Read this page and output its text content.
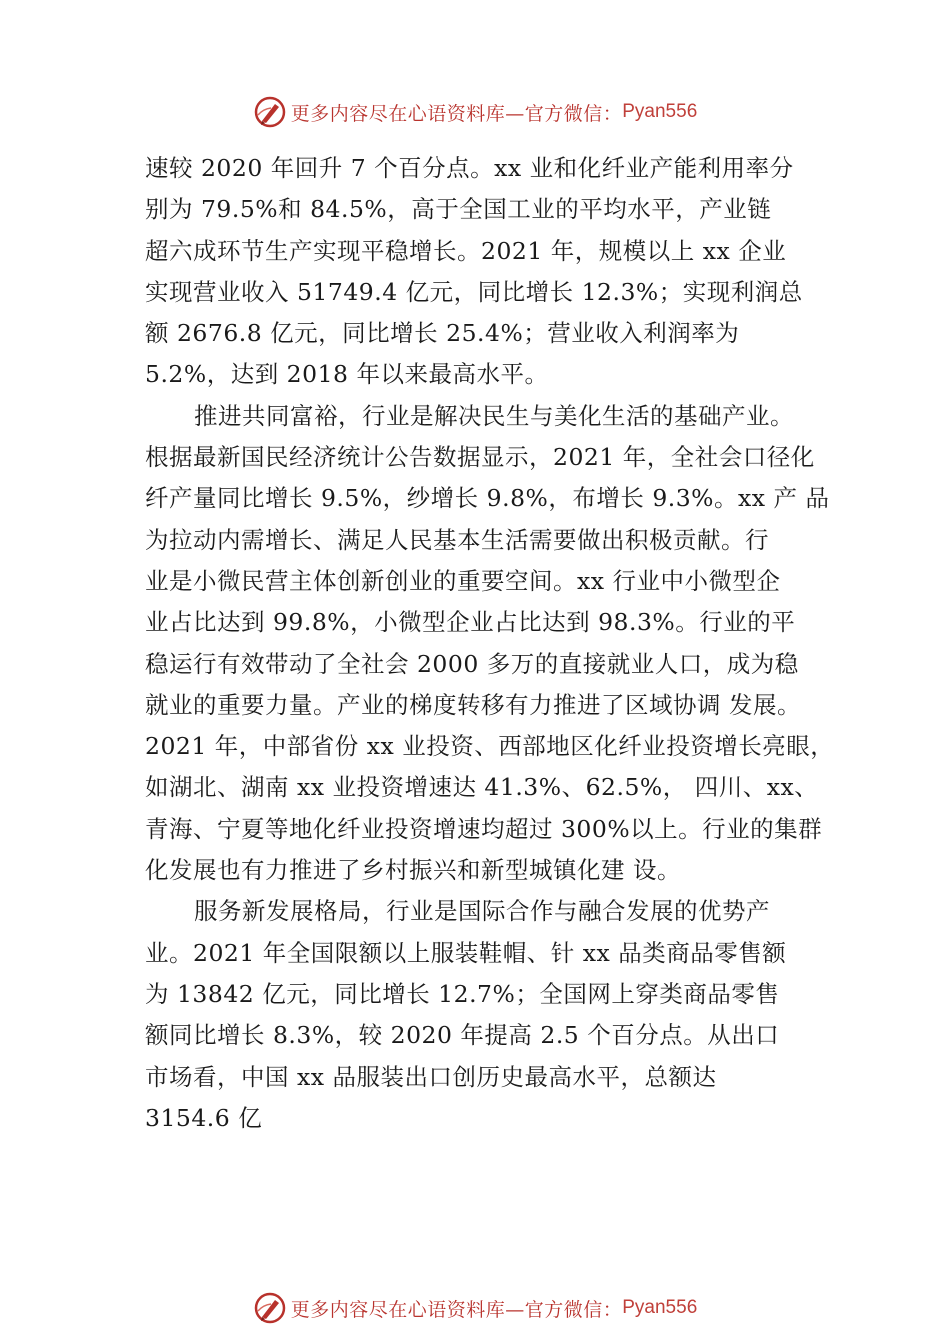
更多内容尽在心语资料库—官方微信： Pyan556
速较 2020 年回升 7 个百分点。xx 业和化纤业产能利用率分
别为 79.5%和 84.5%，高于全国工业的平均水平，产业链
超六成环节生产实现平稳增长。2021 年，规模以上 xx 企业
实现营业收入 51749.4 亿元，同比增长 12.3%；实现利润总
额 2676.8 亿元，同比增长 25.4%；营业收入利润率为
5.2%，达到 2018 年以来最高水平。
推进共同富裕，行业是解决民生与美化生活的基础产业。
根据最新国民经济统计公告数据显示，2021 年，全社会口径化
纤产量同比增长 9.5%，纱增长 9.8%，布增长 9.3%。xx 产 品
为拉动内需增长、满足人民基本生活需要做出积极贡献。行
业是小微民营主体创新创业的重要空间。xx 行业中小微型企
业占比达到 99.8%，小微型企业占比达到 98.3%。行业的平
稳运行有效带动了全社会 2000 多万的直接就业人口，成为稳
就业的重要力量。产业的梯度转移有力推进了区域协调 发展。
2021 年，中部省份 xx 业投资、西部地区化纤业投资增长亮眼，
如湖北、湖南 xx 业投资增速达 41.3%、62.5%， 四川、xx、
青海、宁夏等地化纤业投资增速均超过 300%以上。行业的集群
化发展也有力推进了乡村振兴和新型城镇化建 设。
服务新发展格局，行业是国际合作与融合发展的优势产
业。2021 年全国限额以上服装鞋帽、针 xx 品类商品零售额
为 13842 亿元，同比增长 12.7%；全国网上穿类商品零售
额同比增长 8.3%，较 2020 年提高 2.5 个百分点。从出口
市场看，中国 xx 品服装出口创历史最高水平，总额达
3154.6 亿
更多内容尽在心语资料库—官方微信： Pyan556
